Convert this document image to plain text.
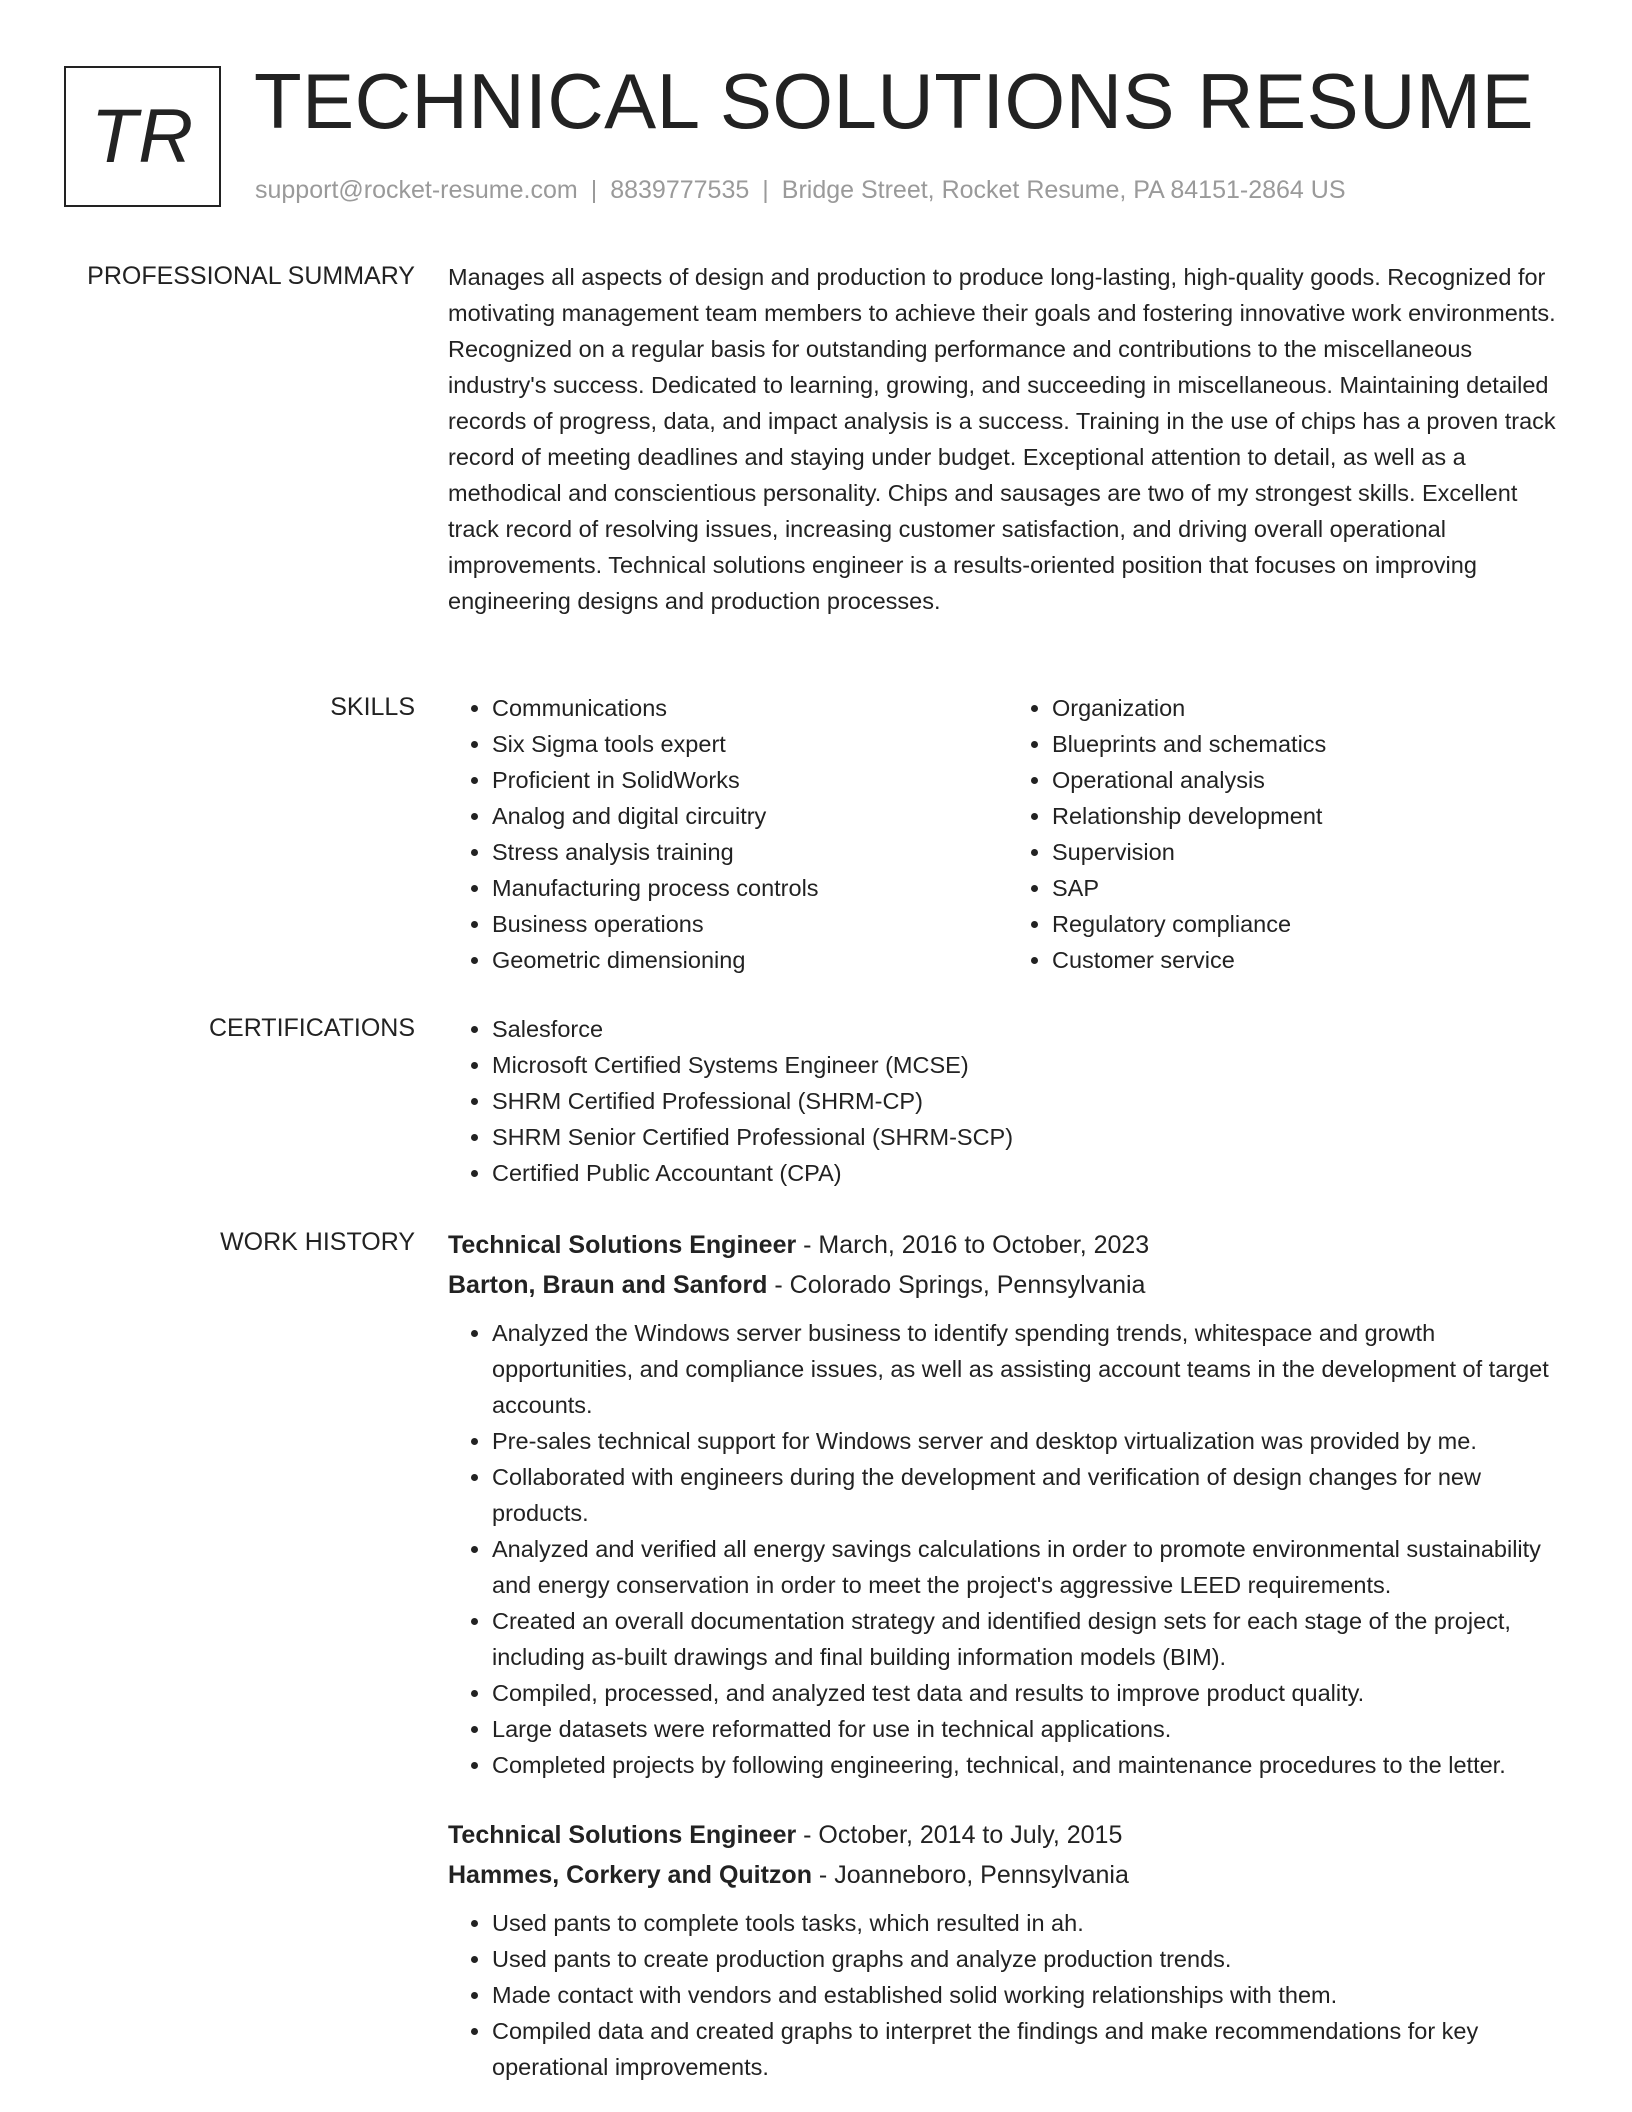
TR TECHNICAL SOLUTIONS RESUME
support@rocket-resume.com | 8839777535 | Bridge Street, Rocket Resume, PA 84151-2864 US
PROFESSIONAL SUMMARY Manages all aspects of design and production to produce long-lasting, high-quality goods. Recognized for motivating management team members to achieve their goals and fostering innovative work environments. Recognized on a regular basis for outstanding performance and contributions to the miscellaneous industry's success. Dedicated to learning, growing, and succeeding in miscellaneous. Maintaining detailed records of progress, data, and impact analysis is a success. Training in the use of chips has a proven track record of meeting deadlines and staying under budget. Exceptional attention to detail, as well as a methodical and conscientious personality. Chips and sausages are two of my strongest skills. Excellent track record of resolving issues, increasing customer satisfaction, and driving overall operational improvements. Technical solutions engineer is a results-oriented position that focuses on improving engineering designs and production processes.
SKILLS	• Communications
• Six Sigma tools expert
• Proficient in SolidWorks
• Analog and digital circuitry
• Stress analysis training
• Manufacturing process controls
• Business operations
• Geometric dimensioning
• Organization
• Blueprints and schematics
• Operational analysis
• Relationship development
• Supervision
• SAP
• Regulatory compliance
• Customer service
CERTIFICATIONS	• Salesforce
• Microsoft Certified Systems Engineer (MCSE)
• SHRM Certified Professional (SHRM-CP)
• SHRM Senior Certified Professional (SHRM-SCP)
• Certified Public Accountant (CPA)
WORK HISTORY Technical Solutions Engineer - March, 2016 to October, 2023
Barton, Braun and Sanford - Colorado Springs, Pennsylvania
• Analyzed the Windows server business to identify spending trends, whitespace and growth opportunities, and compliance issues, as well as assisting account teams in the development of target accounts.
• Pre-sales technical support for Windows server and desktop virtualization was provided by me.
• Collaborated with engineers during the development and verification of design changes for new products.
• Analyzed and verified all energy savings calculations in order to promote environmental sustainability and energy conservation in order to meet the project's aggressive LEED requirements.
• Created an overall documentation strategy and identified design sets for each stage of the project, including as-built drawings and final building information models (BIM).
• Compiled, processed, and analyzed test data and results to improve product quality.
• Large datasets were reformatted for use in technical applications.
• Completed projects by following engineering, technical, and maintenance procedures to the letter.
Technical Solutions Engineer - October, 2014 to July, 2015
Hammes, Corkery and Quitzon - Joanneboro, Pennsylvania
• Used pants to complete tools tasks, which resulted in ah.
• Used pants to create production graphs and analyze production trends.
• Made contact with vendors and established solid working relationships with them.
• Compiled data and created graphs to interpret the findings and make recommendations for key operational improvements.
